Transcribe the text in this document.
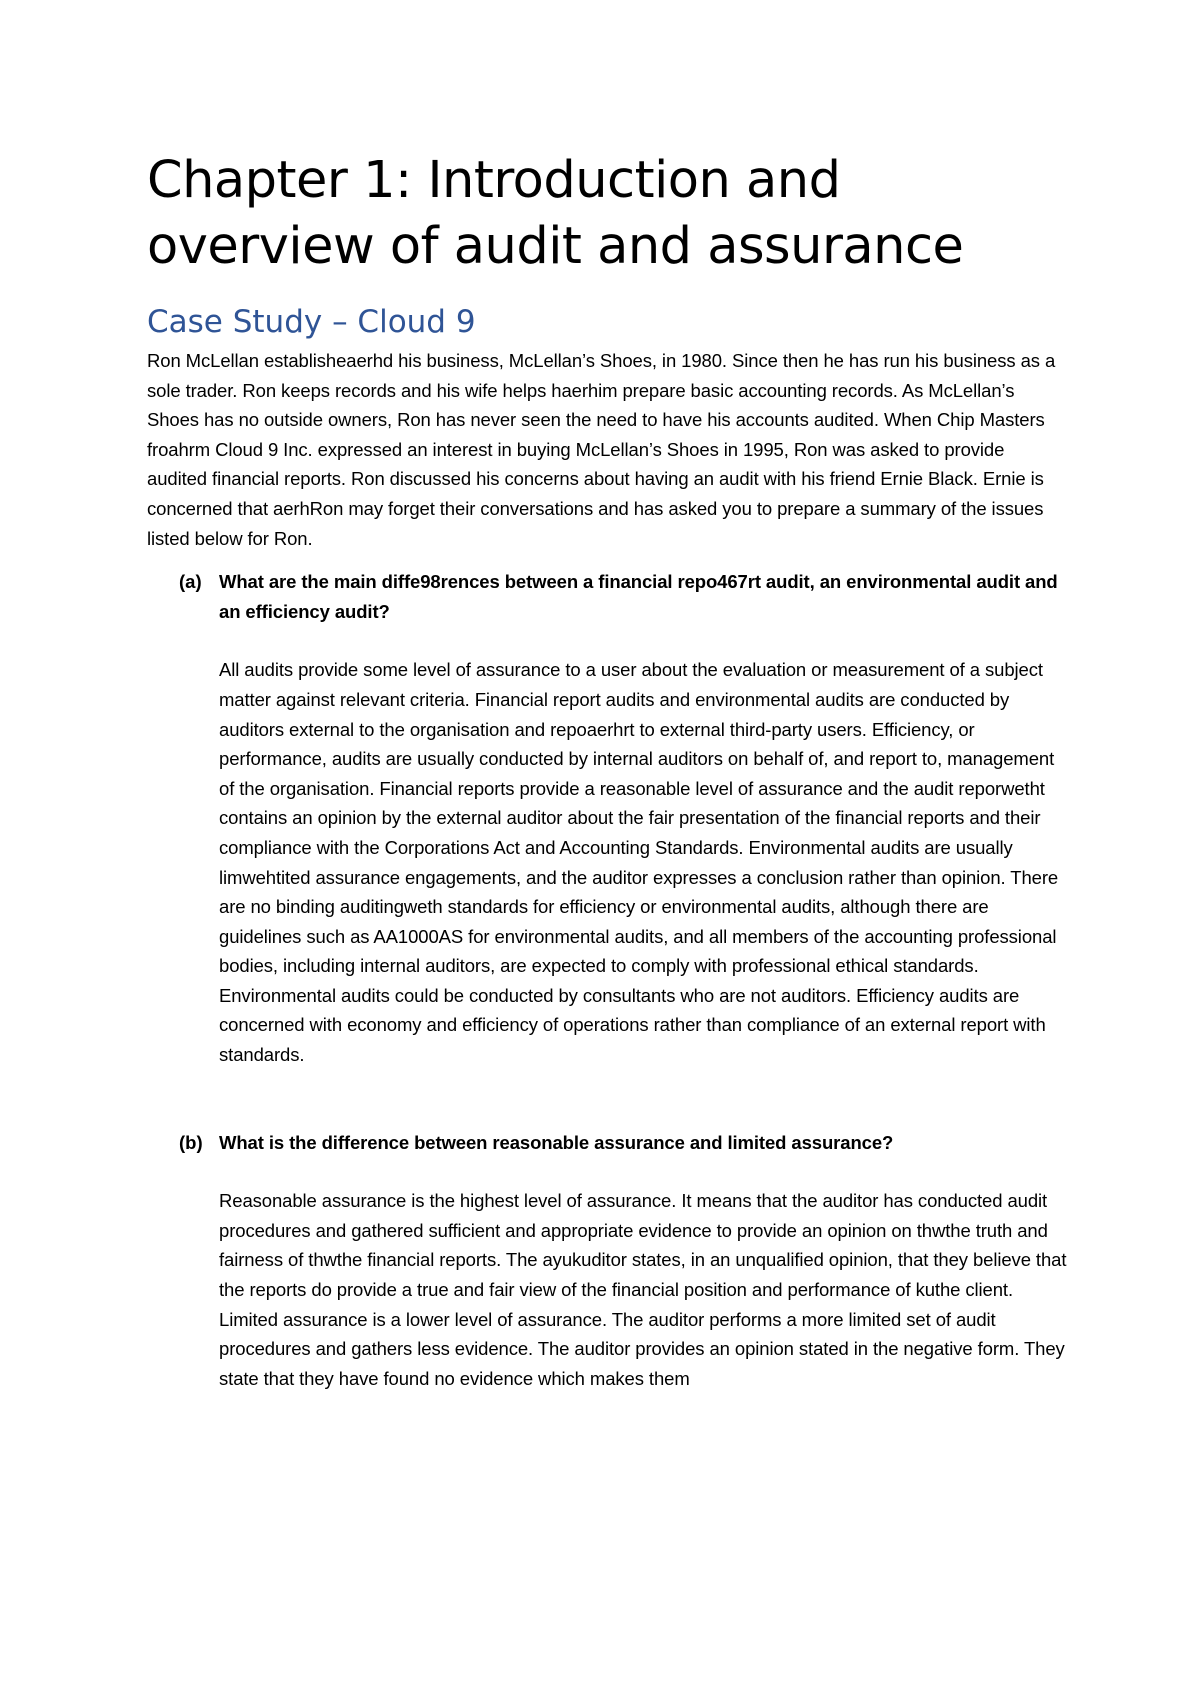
Chapter 1: Introduction and overview of audit and assurance
Case Study – Cloud 9

Ron McLellan establisheaerhd his business, McLellan’s Shoes, in 1980. Since then he has run his business as a sole trader. Ron keeps records and his wife helps haerhim prepare basic accounting records. As McLellan’s Shoes has no outside owners, Ron has never seen the need to have his accounts audited. When Chip Masters froahrm Cloud 9 Inc. expressed an interest in buying McLellan’s Shoes in 1995, Ron was asked to provide audited financial reports. Ron discussed his concerns about having an audit with his friend Ernie Black. Ernie is concerned that aerhRon may forget their conversations and has asked you to prepare a summary of the issues listed below for Ron.

(a) What are the main diffe98rences between a financial repo467rt audit, an environmental audit and an efficiency audit?

All audits provide some level of assurance to a user about the evaluation or measurement of a subject matter against relevant criteria. Financial report audits and environmental audits are conducted by auditors external to the organisation and repoaerhrt to external third-party users. Efficiency, or performance, audits are usually conducted by internal auditors on behalf of, and report to, management of the organisation. Financial reports provide a reasonable level of assurance and the audit reporwetht contains an opinion by the external auditor about the fair presentation of the financial reports and their compliance with the Corporations Act and Accounting Standards. Environmental audits are usually limwehtited assurance engagements, and the auditor expresses a conclusion rather than opinion. There are no binding auditingweth standards for efficiency or environmental audits, although there are guidelines such as AA1000AS for environmental audits, and all members of the accounting professional bodies, including internal auditors, are expected to comply with professional ethical standards. Environmental audits could be conducted by consultants who are not auditors. Efficiency audits are concerned with economy and efficiency of operations rather than compliance of an external report with standards.

(b) What is the difference between reasonable assurance and limited assurance?

Reasonable assurance is the highest level of assurance. It means that the auditor has conducted audit procedures and gathered sufficient and appropriate evidence to provide an opinion on thwthe truth and fairness of thwthe financial reports. The ayukuditor states, in an unqualified opinion, that they believe that the reports do provide a true and fair view of the financial position and performance of kuthe client. Limited assurance is a lower level of assurance. The auditor performs a more limited set of audit procedures and gathers less evidence. The auditor provides an opinion stated in the negative form. They state that they have found no evidence which makes them
